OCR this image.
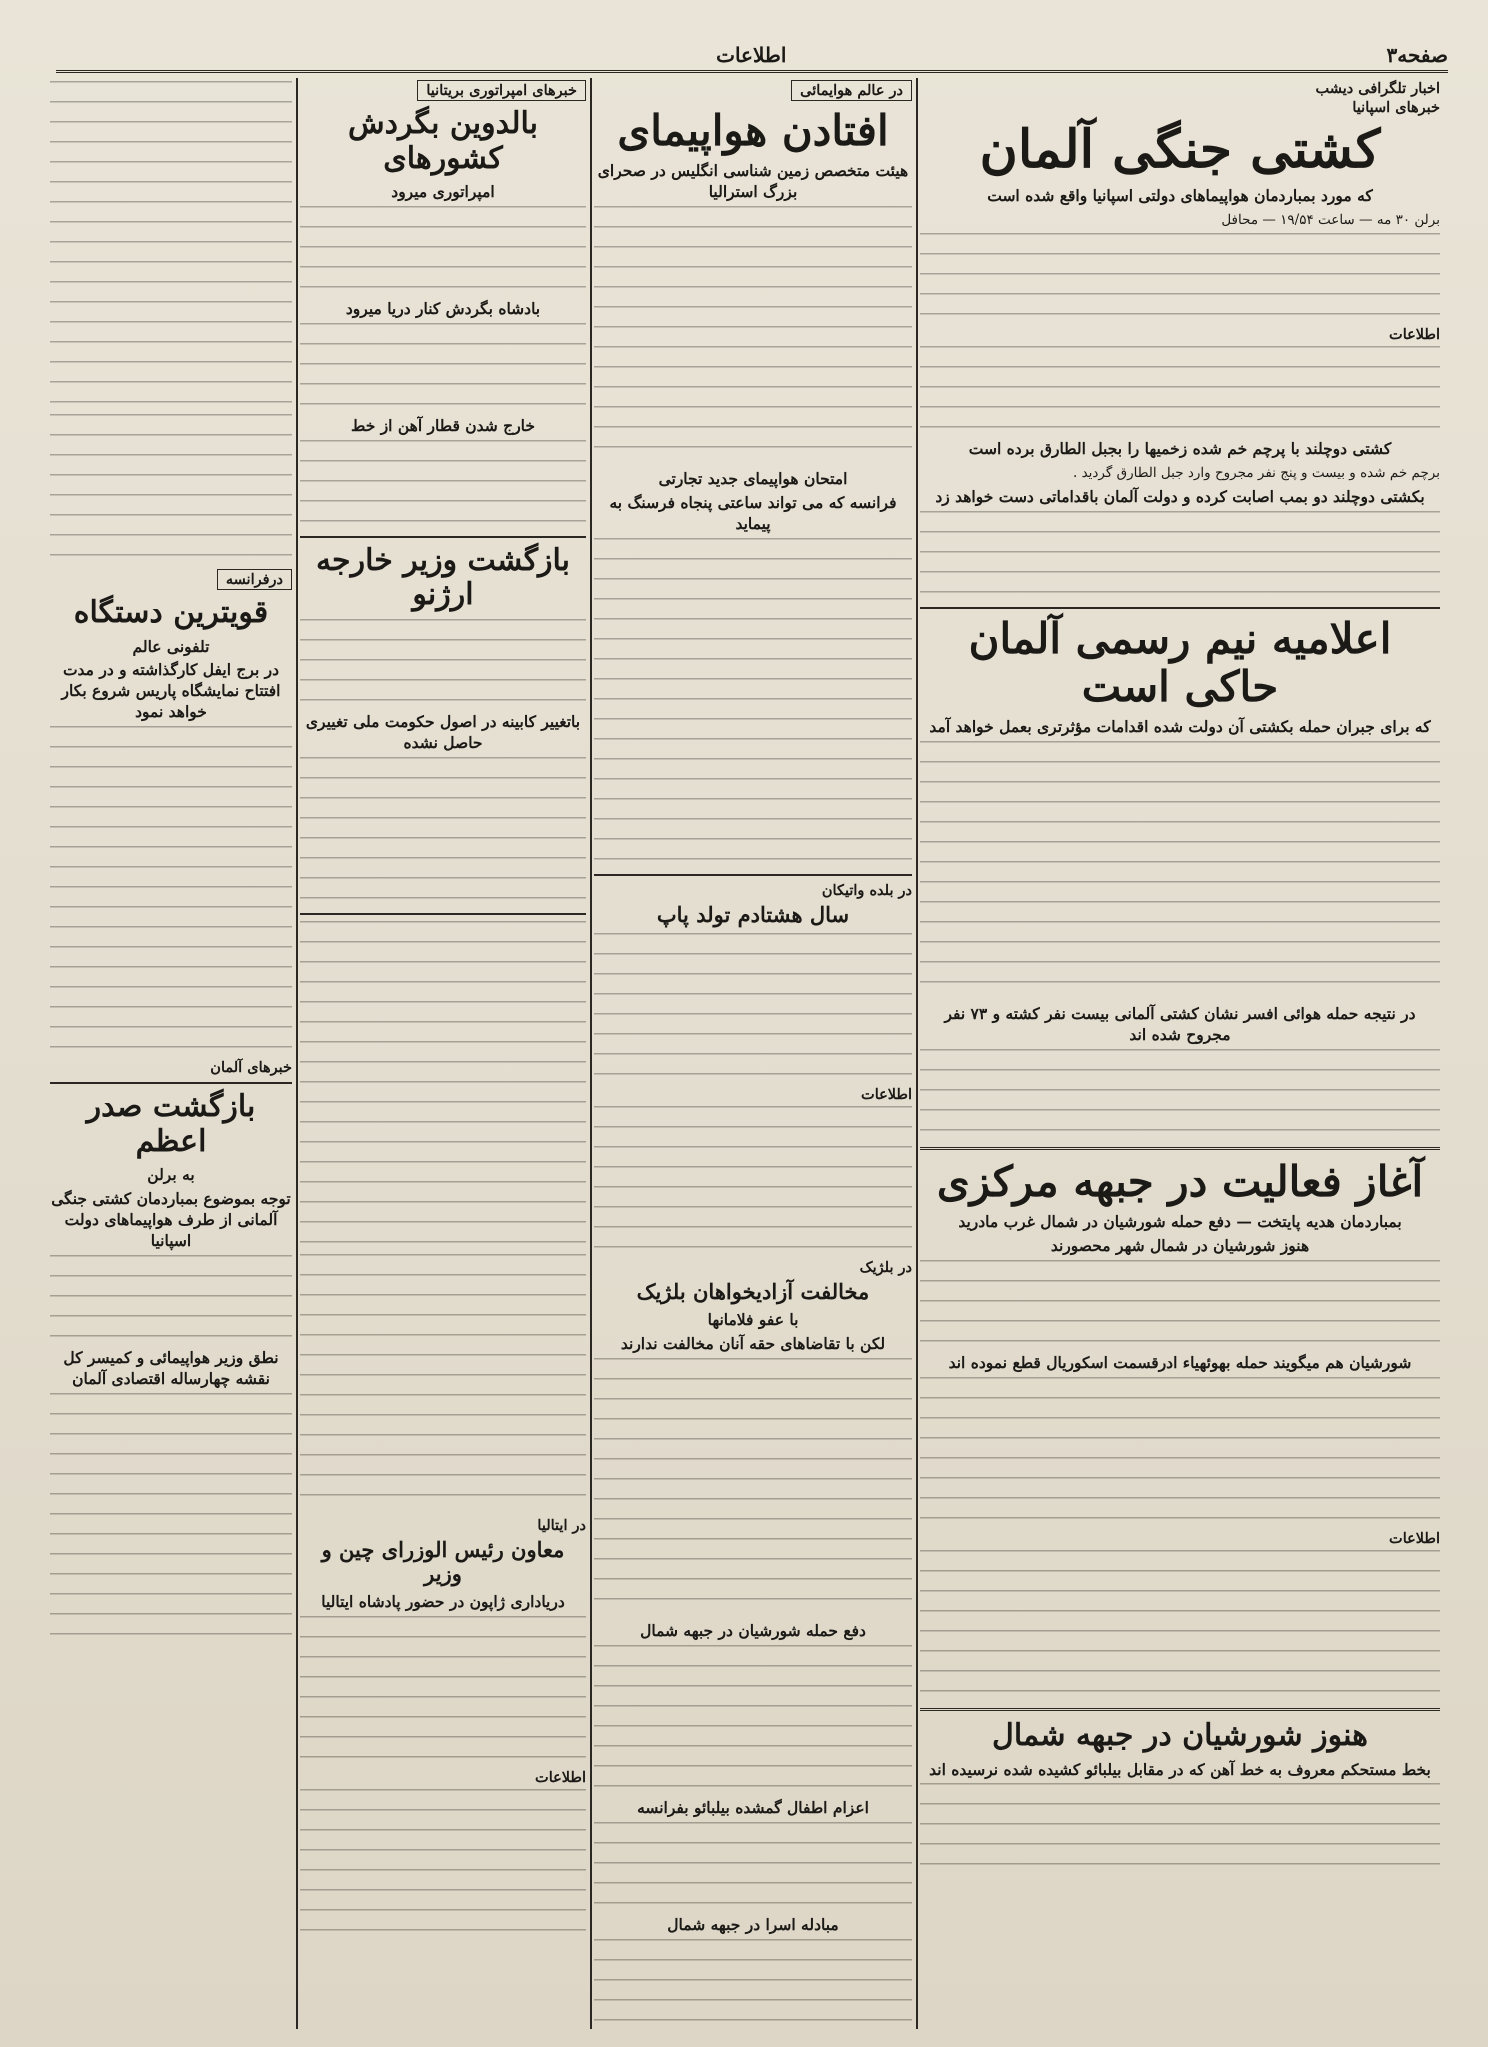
صفحه۳
اطلاعات
اخبار تلگرافی دیشب
خبرهای اسپانیا
کشتی جنگی آلمان
که مورد بمباردمان هواپیماهای دولتی اسپانیا واقع شده است
برلن ۳۰ مه — ساعت ۱۹/۵۴ — محافل
اطلاعات
کشتی دوچلند با پرچم خم شده زخمیها را بجبل الطارق برده است
برچم خم شده و بیست و پنج نفر مجروح وارد جبل الطارق گردید .
بکشتی دوچلند دو بمب اصابت کرده و دولت آلمان باقداماتی دست خواهد زد
اعلامیه نیم رسمی آلمان حاکی است
که برای جبران حمله بکشتی آن دولت شده اقدامات مؤثرتری بعمل خواهد آمد
در نتیجه حمله هوائی افسر نشان کشتی آلمانی بیست نفر کشته و ۷۳ نفر مجروح شده اند
آغاز فعالیت در جبهه مرکزی
بمباردمان هدیه پایتخت — دفع حمله شورشیان در شمال غرب مادرید
هنوز شورشیان در شمال شهر محصورند
شورشیان هم میگویند حمله بهوئهیاء ادرقسمت اسکوریال قطع نموده اند
اطلاعات
هنوز شورشیان در جبهه شمال
بخط مستحکم معروف به خط آهن که در مقابل بیلبائو کشیده شده نرسیده اند
در عالم هوایمائی
افتادن هواپیمای
هیئت متخصص زمین شناسی انگلیس در صحرای بزرگ استرالیا
امتحان هواپیمای جدید تجارتی
فرانسه که می تواند ساعتی پنجاه فرسنگ به پیماید
در بلده واتیکان
سال هشتادم تولد پاپ
اطلاعات
در بلژیک
مخالفت آزادیخواهان بلژیک
با عفو فلامانها
لکن با تقاضاهای حقه آنان مخالفت ندارند
دفع حمله شورشیان در جبهه شمال
اعزام اطفال گمشده بیلبائو بفرانسه
مبادله اسرا در جبهه شمال
خبرهای امپراتوری بریتانیا
بالدوین بگردش کشورهای
امپراتوری میرود
بادشاه بگردش کنار دریا میرود
خارج شدن قطار آهن از خط
بازگشت وزیر خارجه ارژنو
باتغییر کابینه در اصول حکومت ملی تغییری حاصل نشده
در ایتالیا
معاون رئیس الوزرای چین و وزیر
دریاداری ژاپون در حضور پادشاه ایتالیا
اطلاعات
درفرانسه
قویترین دستگاه
تلفونی عالم
در برج ایفل کارگذاشته و در مدت افتتاح نمایشگاه پاریس شروع بکار خواهد نمود
خبرهای آلمان
بازگشت صدر اعظم
به برلن
توجه بموضوع بمباردمان کشتی جنگی آلمانی از طرف هواپیماهای دولت اسپانیا
نطق وزیر هواپیمائی و کمیسر کل نقشه چهارساله اقتصادی آلمان
